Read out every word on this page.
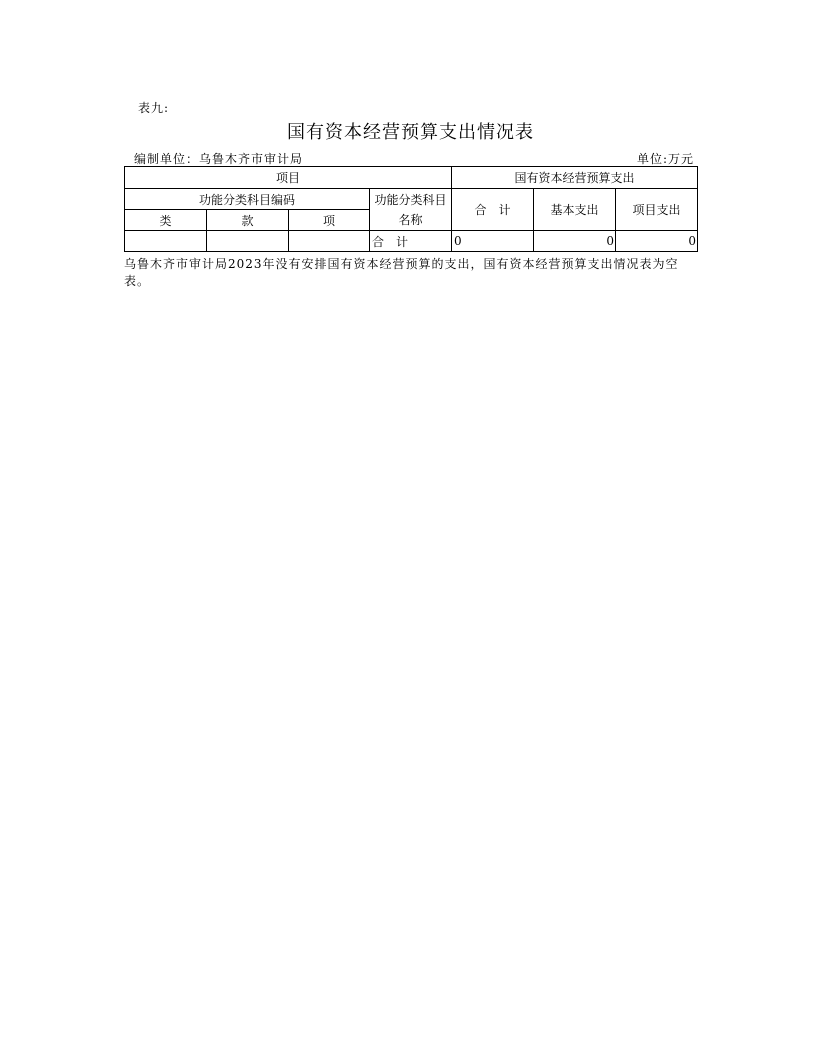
表九:
国有资本经营预算支出情况表
编制单位：乌鲁木齐市审计局	单位:万元
项目				国有资本经营预算支出		
功能分类科目编码			功能分类科目名称	合　计	基本支出	项目支出
类	款	项				
			合　计	0	0	0
乌鲁木齐市审计局2023年没有安排国有资本经营预算的支出，国有资本经营预算支出情况表为空表。
